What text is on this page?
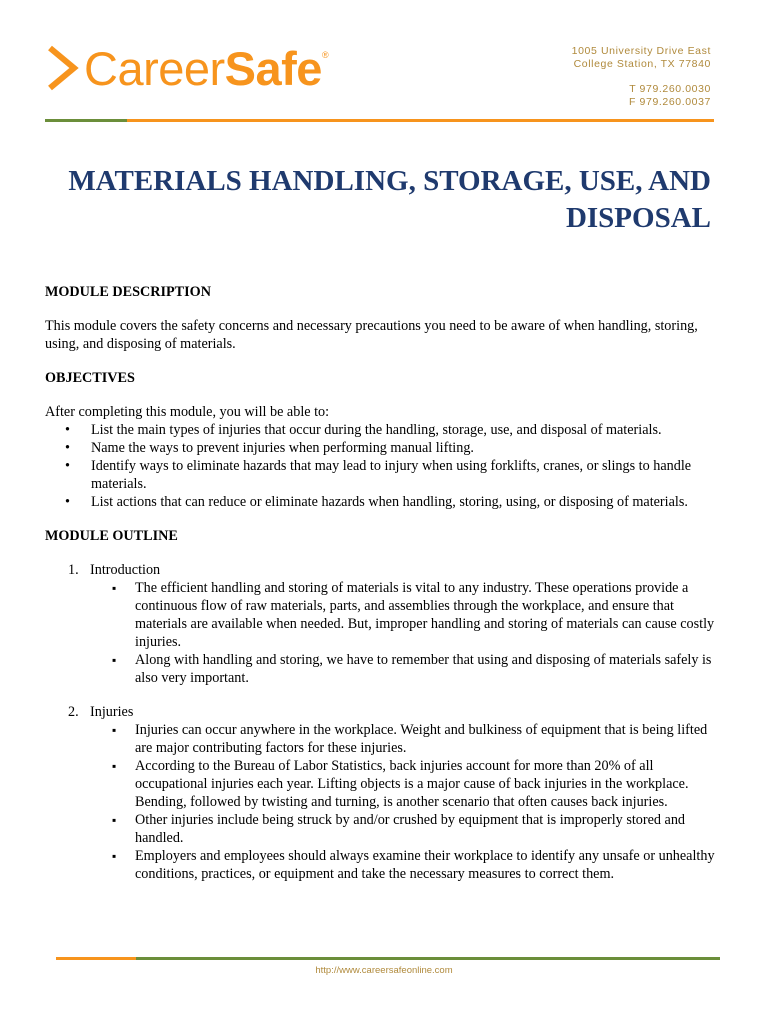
CareerSafe®	1005 University Drive East
College Station, TX 77840
T 979.260.0030
F 979.260.0037
MATERIALS HANDLING, STORAGE, USE, AND
DISPOSAL
MODULE DESCRIPTION

This module covers the safety concerns and necessary precautions you need to be aware of when handling, storing, using, and disposing of materials.

OBJECTIVES
After completing this module, you will be able to:
• List the main types of injuries that occur during the handling, storage, use, and disposal of materials.
• Name the ways to prevent injuries when performing manual lifting.
• Identify ways to eliminate hazards that may lead to injury when using forklifts, cranes, or slings to handle materials.
• List actions that can reduce or eliminate hazards when handling, storing, using, or disposing of materials.
MODULE OUTLINE
1. Introduction
▪ The efficient handling and storing of materials is vital to any industry. These operations provide a continuous flow of raw materials, parts, and assemblies through the workplace, and ensure that materials are available when needed. But, improper handling and storing of materials can cause costly injuries.
▪ Along with handling and storing, we have to remember that using and disposing of materials safely is also very important.
2. Injuries
▪ Injuries can occur anywhere in the workplace. Weight and bulkiness of equipment that is being lifted are major contributing factors for these injuries.
▪ According to the Bureau of Labor Statistics, back injuries account for more than 20% of all occupational injuries each year. Lifting objects is a major cause of back injuries in the workplace. Bending, followed by twisting and turning, is another scenario that often causes back injuries.
▪ Other injuries include being struck by and/or crushed by equipment that is improperly stored and handled.
▪ Employers and employees should always examine their workplace to identify any unsafe or unhealthy conditions, practices, or equipment and take the necessary measures to correct them.
http://www.careersafeonline.com
